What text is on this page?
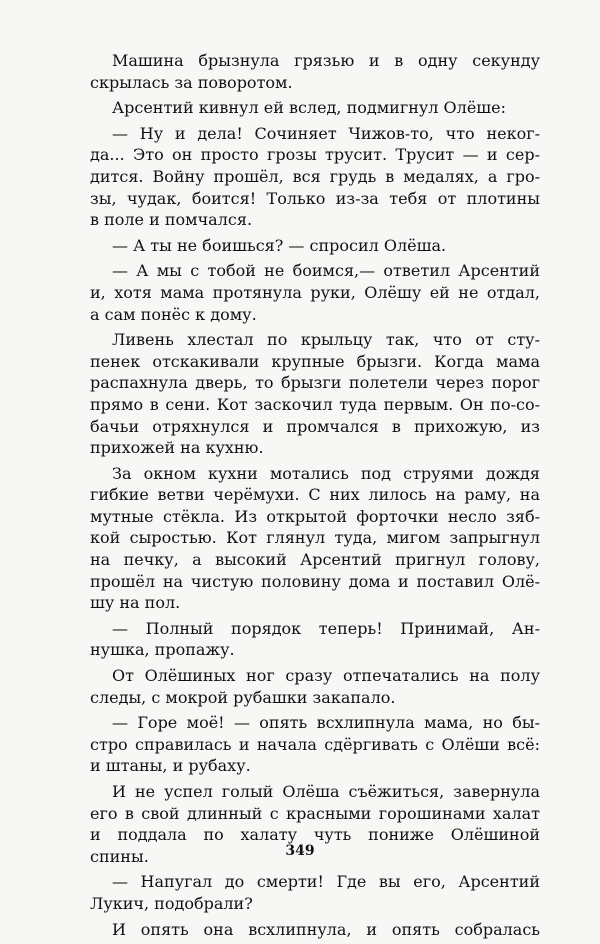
Машина брызнула грязью и в одну секунду
скрылась за поворотом.
Арсентий кивнул ей вслед, подмигнул Олёше:
— Ну и дела! Сочиняет Чижов-то, что неког-
да... Это он просто грозы трусит. Трусит — и сер-
дится. Войну прошёл, вся грудь в медалях, а гро-
зы, чудак, боится! Только из-за тебя от плотины
в поле и помчался.
— А ты не боишься? — спросил Олёша.
— А мы с тобой не боимся,— ответил Арсентий
и, хотя мама протянула руки, Олёшу ей не отдал,
а сам понёс к дому.
Ливень хлестал по крыльцу так, что от сту-
пенек отскакивали крупные брызги. Когда мама
распахнула дверь, то брызги полетели через порог
прямо в сени. Кот заскочил туда первым. Он по-со-
бачьи отряхнулся и промчался в прихожую, из
прихожей на кухню.
За окном кухни мотались под струями дождя
гибкие ветви черёмухи. С них лилось на раму, на
мутные стёкла. Из открытой форточки несло зяб-
кой сыростью. Кот глянул туда, мигом запрыгнул
на печку, а высокий Арсентий пригнул голову,
прошёл на чистую половину дома и поставил Олё-
шу на пол.
— Полный порядок теперь! Принимай, Ан-
нушка, пропажу.
От Олёшиных ног сразу отпечатались на полу
следы, с мокрой рубашки закапало.
— Горе моё! — опять всхлипнула мама, но бы-
стро справилась и начала сдёргивать с Олёши всё:
и штаны, и рубаху.
И не успел голый Олёша съёжиться, завернула
его в свой длинный с красными горошинами халат
и поддала по халату чуть пониже Олёшиной
спины.
— Напугал до смерти! Где вы его, Арсентий
Лукич, подобрали?
И опять она всхлипнула, и опять собралась
349
